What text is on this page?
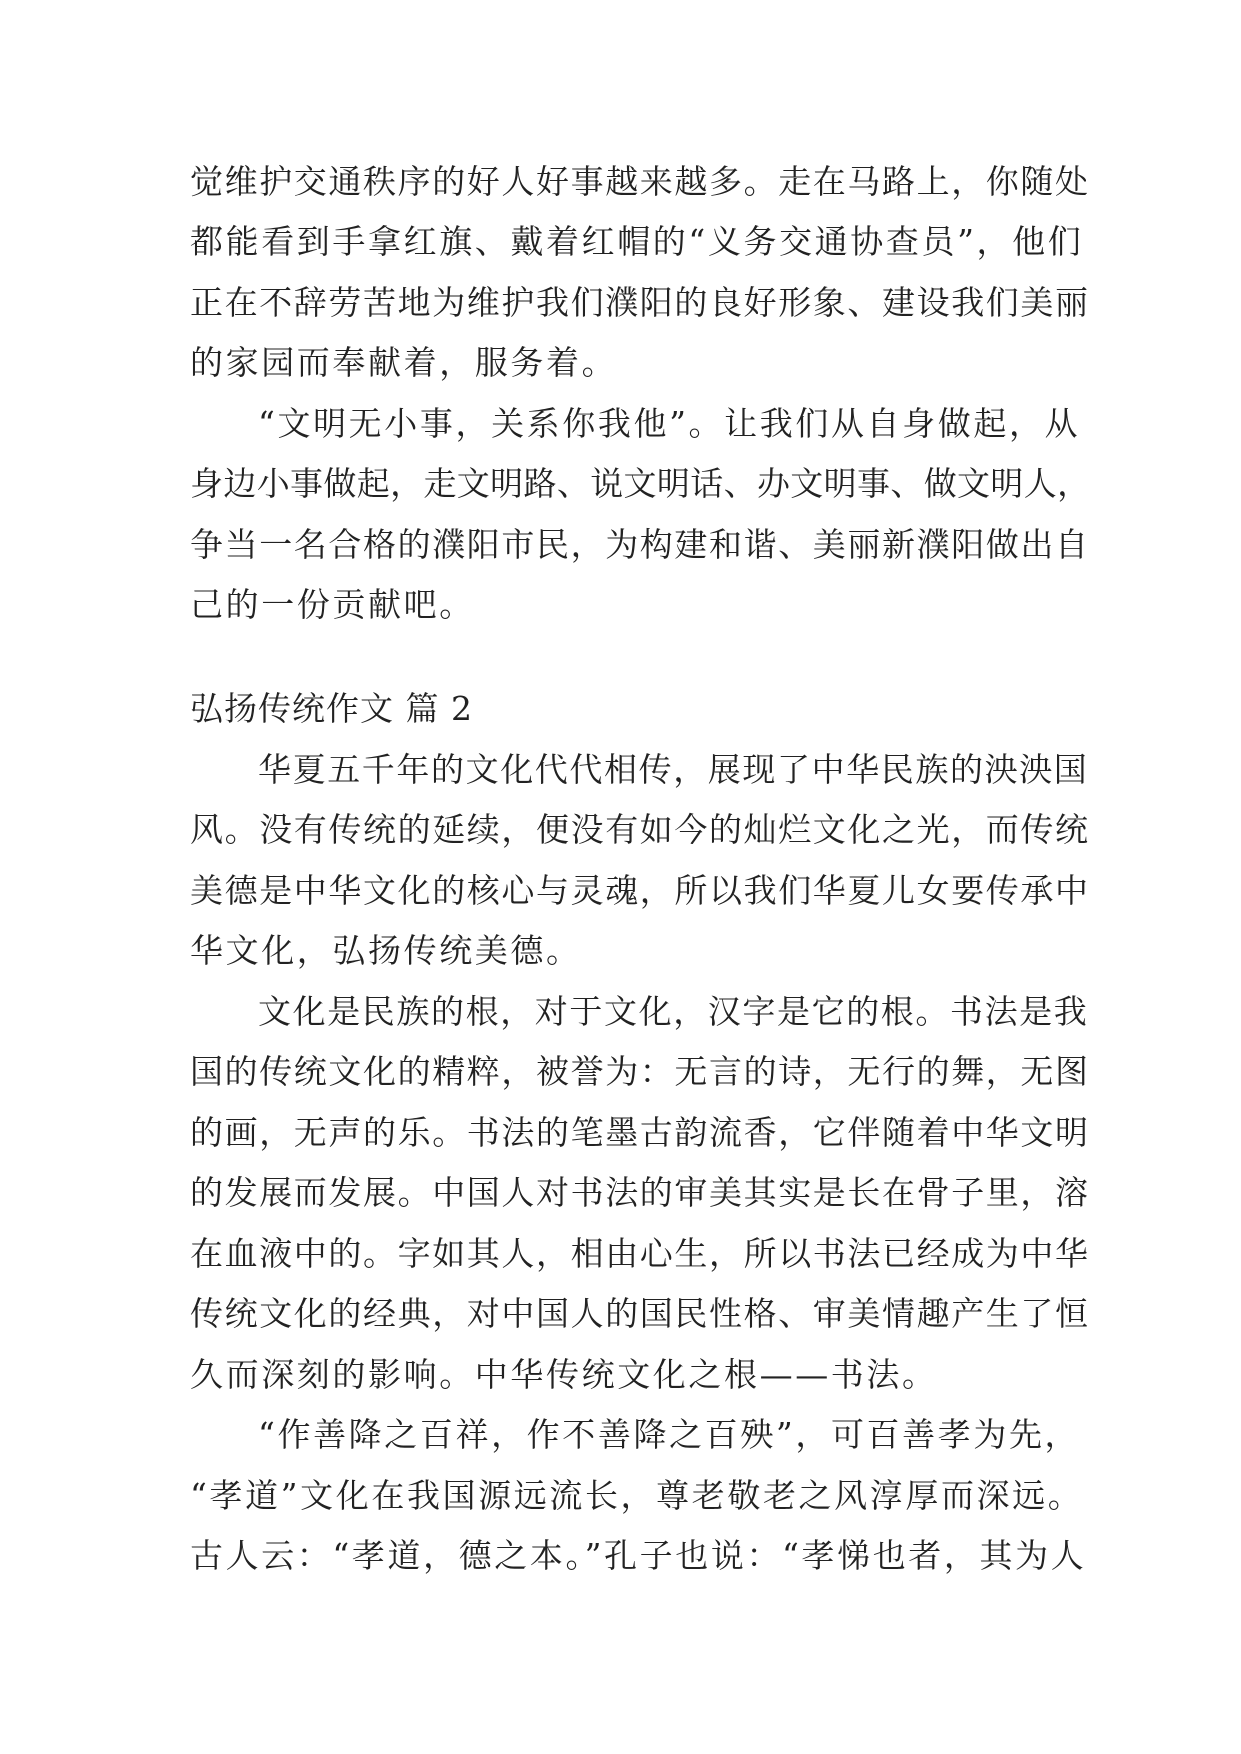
觉维护交通秩序的好人好事越来越多。走在马路上，你随处
都能看到手拿红旗、戴着红帽的“义务交通协查员”，他们
正在不辞劳苦地为维护我们濮阳的良好形象、建设我们美丽
的家园而奉献着，服务着。
“文明无小事，关系你我他”。让我们从自身做起，从
身边小事做起，走文明路、说文明话、办文明事、做文明人，
争当一名合格的濮阳市民，为构建和谐、美丽新濮阳做出自
己的一份贡献吧。
弘扬传统作文 篇 2
华夏五千年的文化代代相传，展现了中华民族的泱泱国
风。没有传统的延续，便没有如今的灿烂文化之光，而传统
美德是中华文化的核心与灵魂，所以我们华夏儿女要传承中
华文化，弘扬传统美德。
文化是民族的根，对于文化，汉字是它的根。书法是我
国的传统文化的精粹，被誉为：无言的诗，无行的舞，无图
的画，无声的乐。书法的笔墨古韵流香，它伴随着中华文明
的发展而发展。中国人对书法的审美其实是长在骨子里，溶
在血液中的。字如其人，相由心生，所以书法已经成为中华
传统文化的经典，对中国人的国民性格、审美情趣产生了恒
久而深刻的影响。中华传统文化之根——书法。
“作善降之百祥，作不善降之百殃”，可百善孝为先，
“孝道”文化在我国源远流长，尊老敬老之风淳厚而深远。
古人云：“孝道，德之本。”孔子也说：“孝悌也者，其为人
